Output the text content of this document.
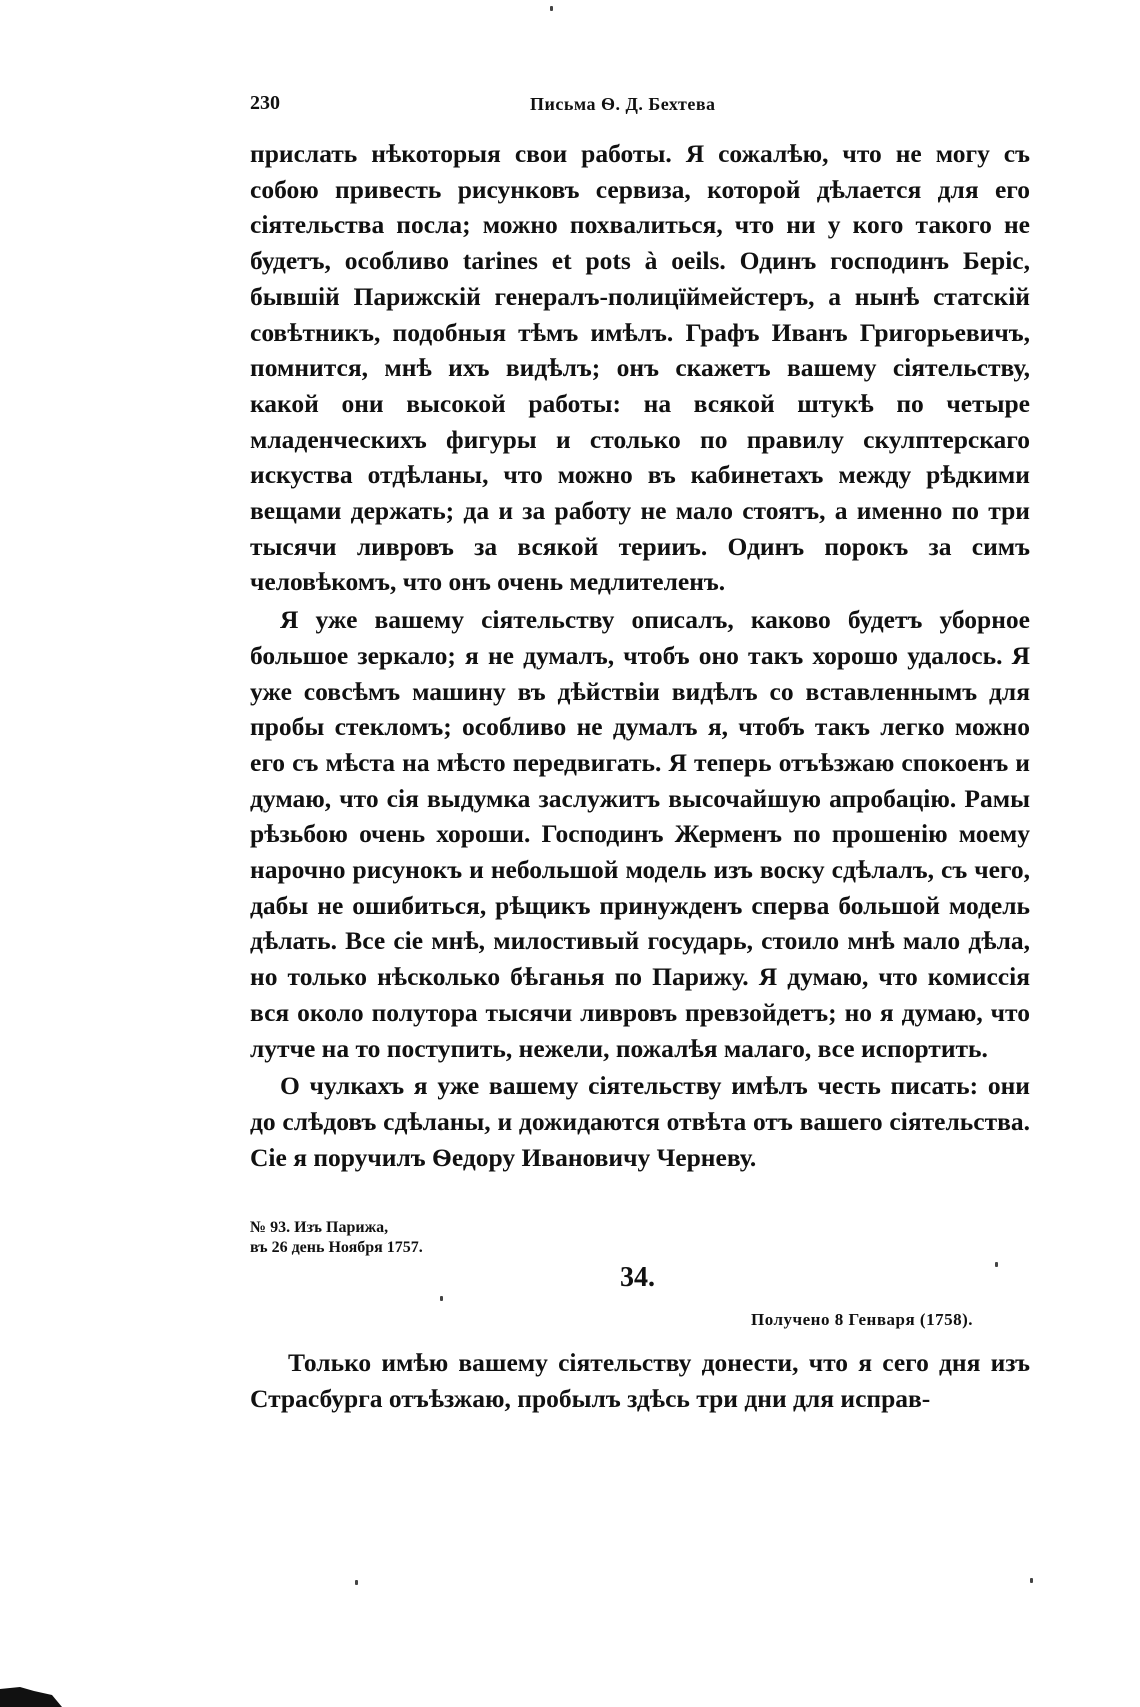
230	Письма Ѳ. Д. Бехтева

прислать нѣкоторыя свои работы. Я сожалѣю, что не могу съ собою привесть рисунковъ сервиза, которой дѣлается для его сіятельства посла; можно похвалиться, что ни у кого такого не будетъ, особливо tarines et pots à oeils. Одинъ господинъ Беріс, бывшій Парижскій генералъ-полицїймейстеръ, а нынѣ статскій совѣтникъ, подобныя тѣмъ имѣлъ. Графъ Иванъ Григорьевичъ, помнится, мнѣ ихъ видѣлъ; онъ скажетъ вашему сіятельству, какой они высокой работы: на всякой штукѣ по четыре младенческихъ фигуры и столько по правилу скулптерскаго искуства отдѣланы, что можно въ кабинетахъ между рѣдкими вещами держать; да и за работу не мало стоятъ, а именно по три тысячи ливровъ за всякой терииъ. Одинъ порокъ за симъ человѣкомъ, что онъ очень медлителенъ.

Я уже вашему сіятельству описалъ, каково будетъ уборное большое зеркало; я не думалъ, чтобъ оно такъ хорошо удалось. Я уже совсѣмъ машину въ дѣйствіи видѣлъ со вставленнымъ для пробы стекломъ; особливо не думалъ я, чтобъ такъ легко можно его съ мѣста на мѣсто передвигать. Я теперь отъѣзжаю спокоенъ и думаю, что сія выдумка заслужитъ высочайшую апробацію. Рамы рѣзьбою очень хороши. Господинъ Жерменъ по прошенію моему нарочно рисунокъ и небольшой модель изъ воску сдѣлалъ, съ чего, дабы не ошибиться, рѣщикъ принужденъ сперва большой модель дѣлать. Все сіе мнѣ, милостивый государь, стоило мнѣ мало дѣла, но только нѣсколько бѣганья по Парижу. Я думаю, что комиссія вся около полутора тысячи ливровъ превзойдетъ; но я думаю, что лутче на то поступить, нежели, пожалѣя малаго, все испортить.

О чулкахъ я уже вашему сіятельству имѣлъ честь писать: они до слѣдовъ сдѣланы, и дожидаются отвѣта отъ вашего сіятельства. Сіе я поручилъ Ѳедору Ивановичу Черневу.

№ 93. Изъ Парижа,
въ 26 день Ноября 1757.
34.
Получено 8 Генваря (1758).

Только имѣю вашему сіятельству донести, что я сего дня изъ Страсбурга отъѣзжаю, пробылъ здѣсь три дни для исправ-
